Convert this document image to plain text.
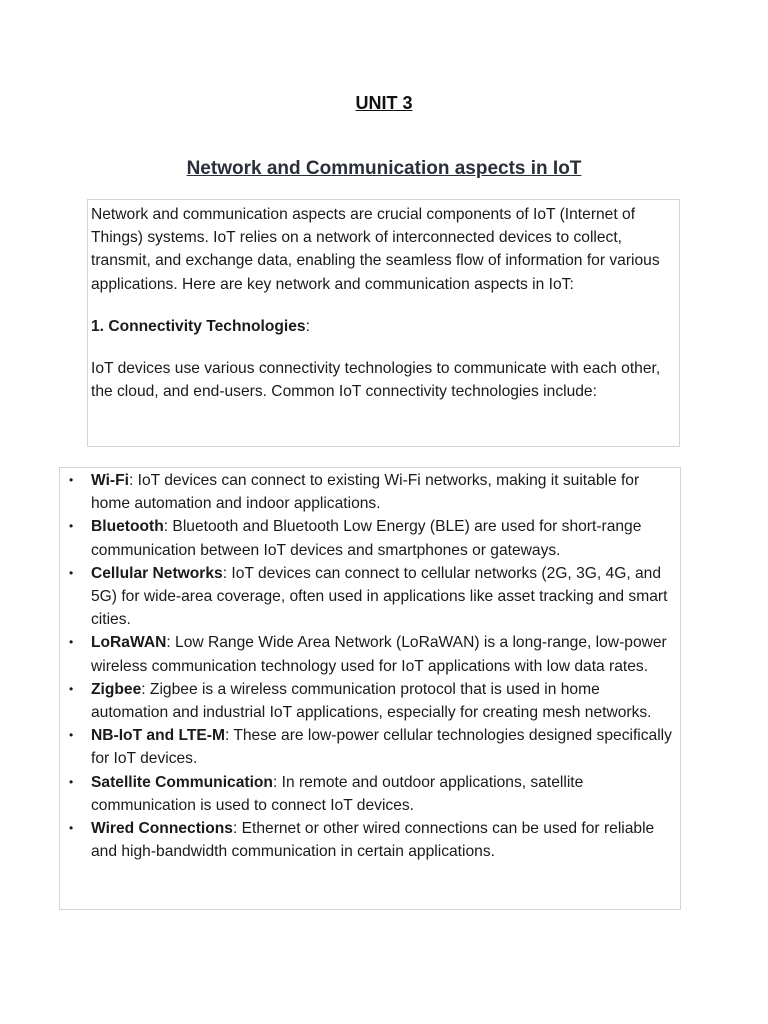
UNIT 3
Network and Communication aspects in IoT

Network and communication aspects are crucial components of IoT (Internet of Things) systems. IoT relies on a network of interconnected devices to collect, transmit, and exchange data, enabling the seamless flow of information for various applications. Here are key network and communication aspects in IoT:

1. Connectivity Technologies:

IoT devices use various connectivity technologies to communicate with each other, the cloud, and end-users. Common IoT connectivity technologies include:

• Wi-Fi: IoT devices can connect to existing Wi-Fi networks, making it suitable for home automation and indoor applications.
• Bluetooth: Bluetooth and Bluetooth Low Energy (BLE) are used for short-range communication between IoT devices and smartphones or gateways.
• Cellular Networks: IoT devices can connect to cellular networks (2G, 3G, 4G, and 5G) for wide-area coverage, often used in applications like asset tracking and smart cities.
• LoRaWAN: Low Range Wide Area Network (LoRaWAN) is a long-range, low-power wireless communication technology used for IoT applications with low data rates.
• Zigbee: Zigbee is a wireless communication protocol that is used in home automation and industrial IoT applications, especially for creating mesh networks.
• NB-IoT and LTE-M: These are low-power cellular technologies designed specifically for IoT devices.
• Satellite Communication: In remote and outdoor applications, satellite communication is used to connect IoT devices.
• Wired Connections: Ethernet or other wired connections can be used for reliable and high-bandwidth communication in certain applications.
